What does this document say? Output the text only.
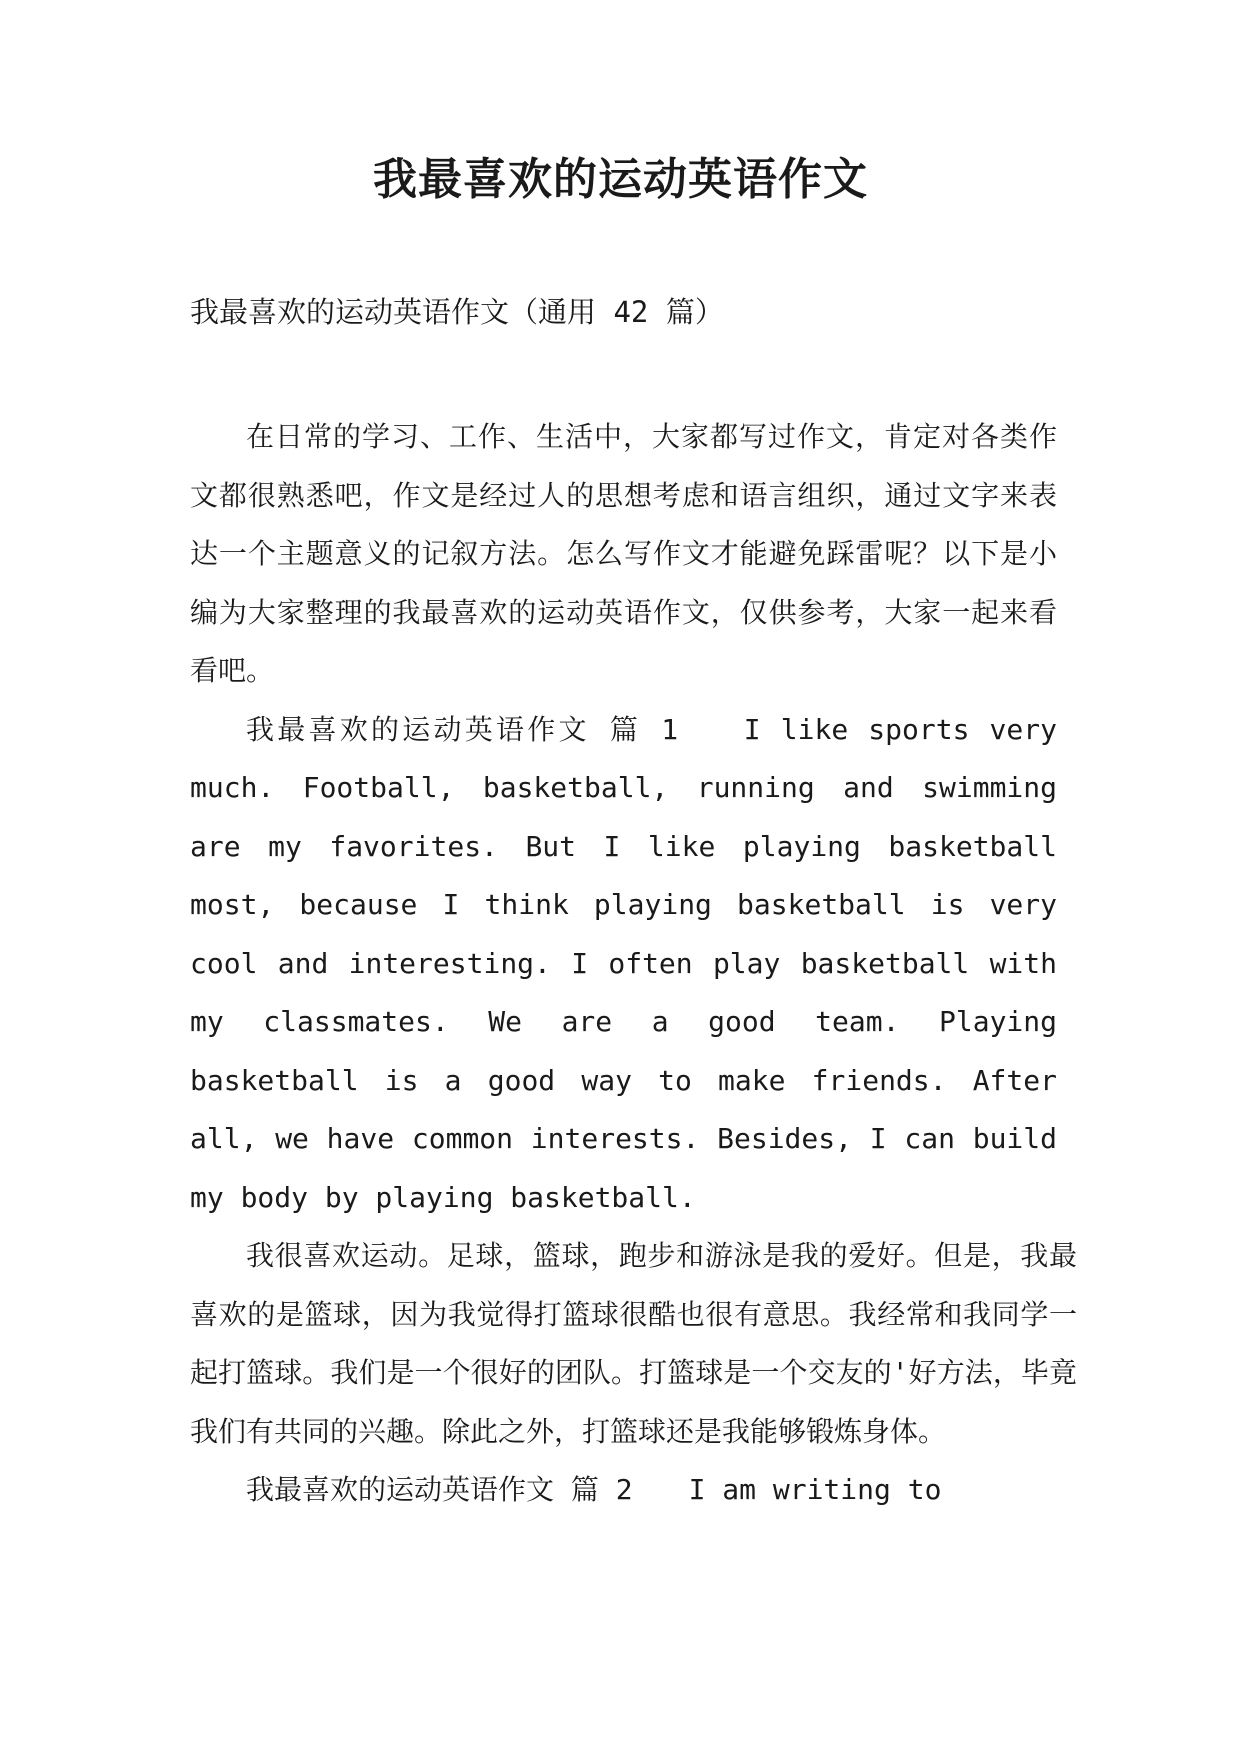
我最喜欢的运动英语作文

我最喜欢的运动英语作文（通用 42 篇）

在日常的学习、工作、生活中，大家都写过作文，肯定对各类作文都很熟悉吧，作文是经过人的思想考虑和语言组织，通过文字来表达一个主题意义的记叙方法。怎么写作文才能避免踩雷呢？以下是小编为大家整理的我最喜欢的运动英语作文，仅供参考，大家一起来看看吧。

我最喜欢的运动英语作文 篇 1　　I like sports very much. Football, basketball, running and swimming are my favorites. But I like playing basketball most, because I think playing basketball is very cool and interesting. I often play basketball with my classmates. We are a good team. Playing basketball is a good way to make friends. After all, we have common interests. Besides, I can build my body by playing basketball.

我很喜欢运动。足球，篮球，跑步和游泳是我的爱好。但是，我最喜欢的是篮球，因为我觉得打篮球很酷也很有意思。我经常和我同学一起打篮球。我们是一个很好的团队。打篮球是一个交友的'好方法，毕竟我们有共同的兴趣。除此之外，打篮球还是我能够锻炼身体。

我最喜欢的运动英语作文 篇 2　　I am writing to
